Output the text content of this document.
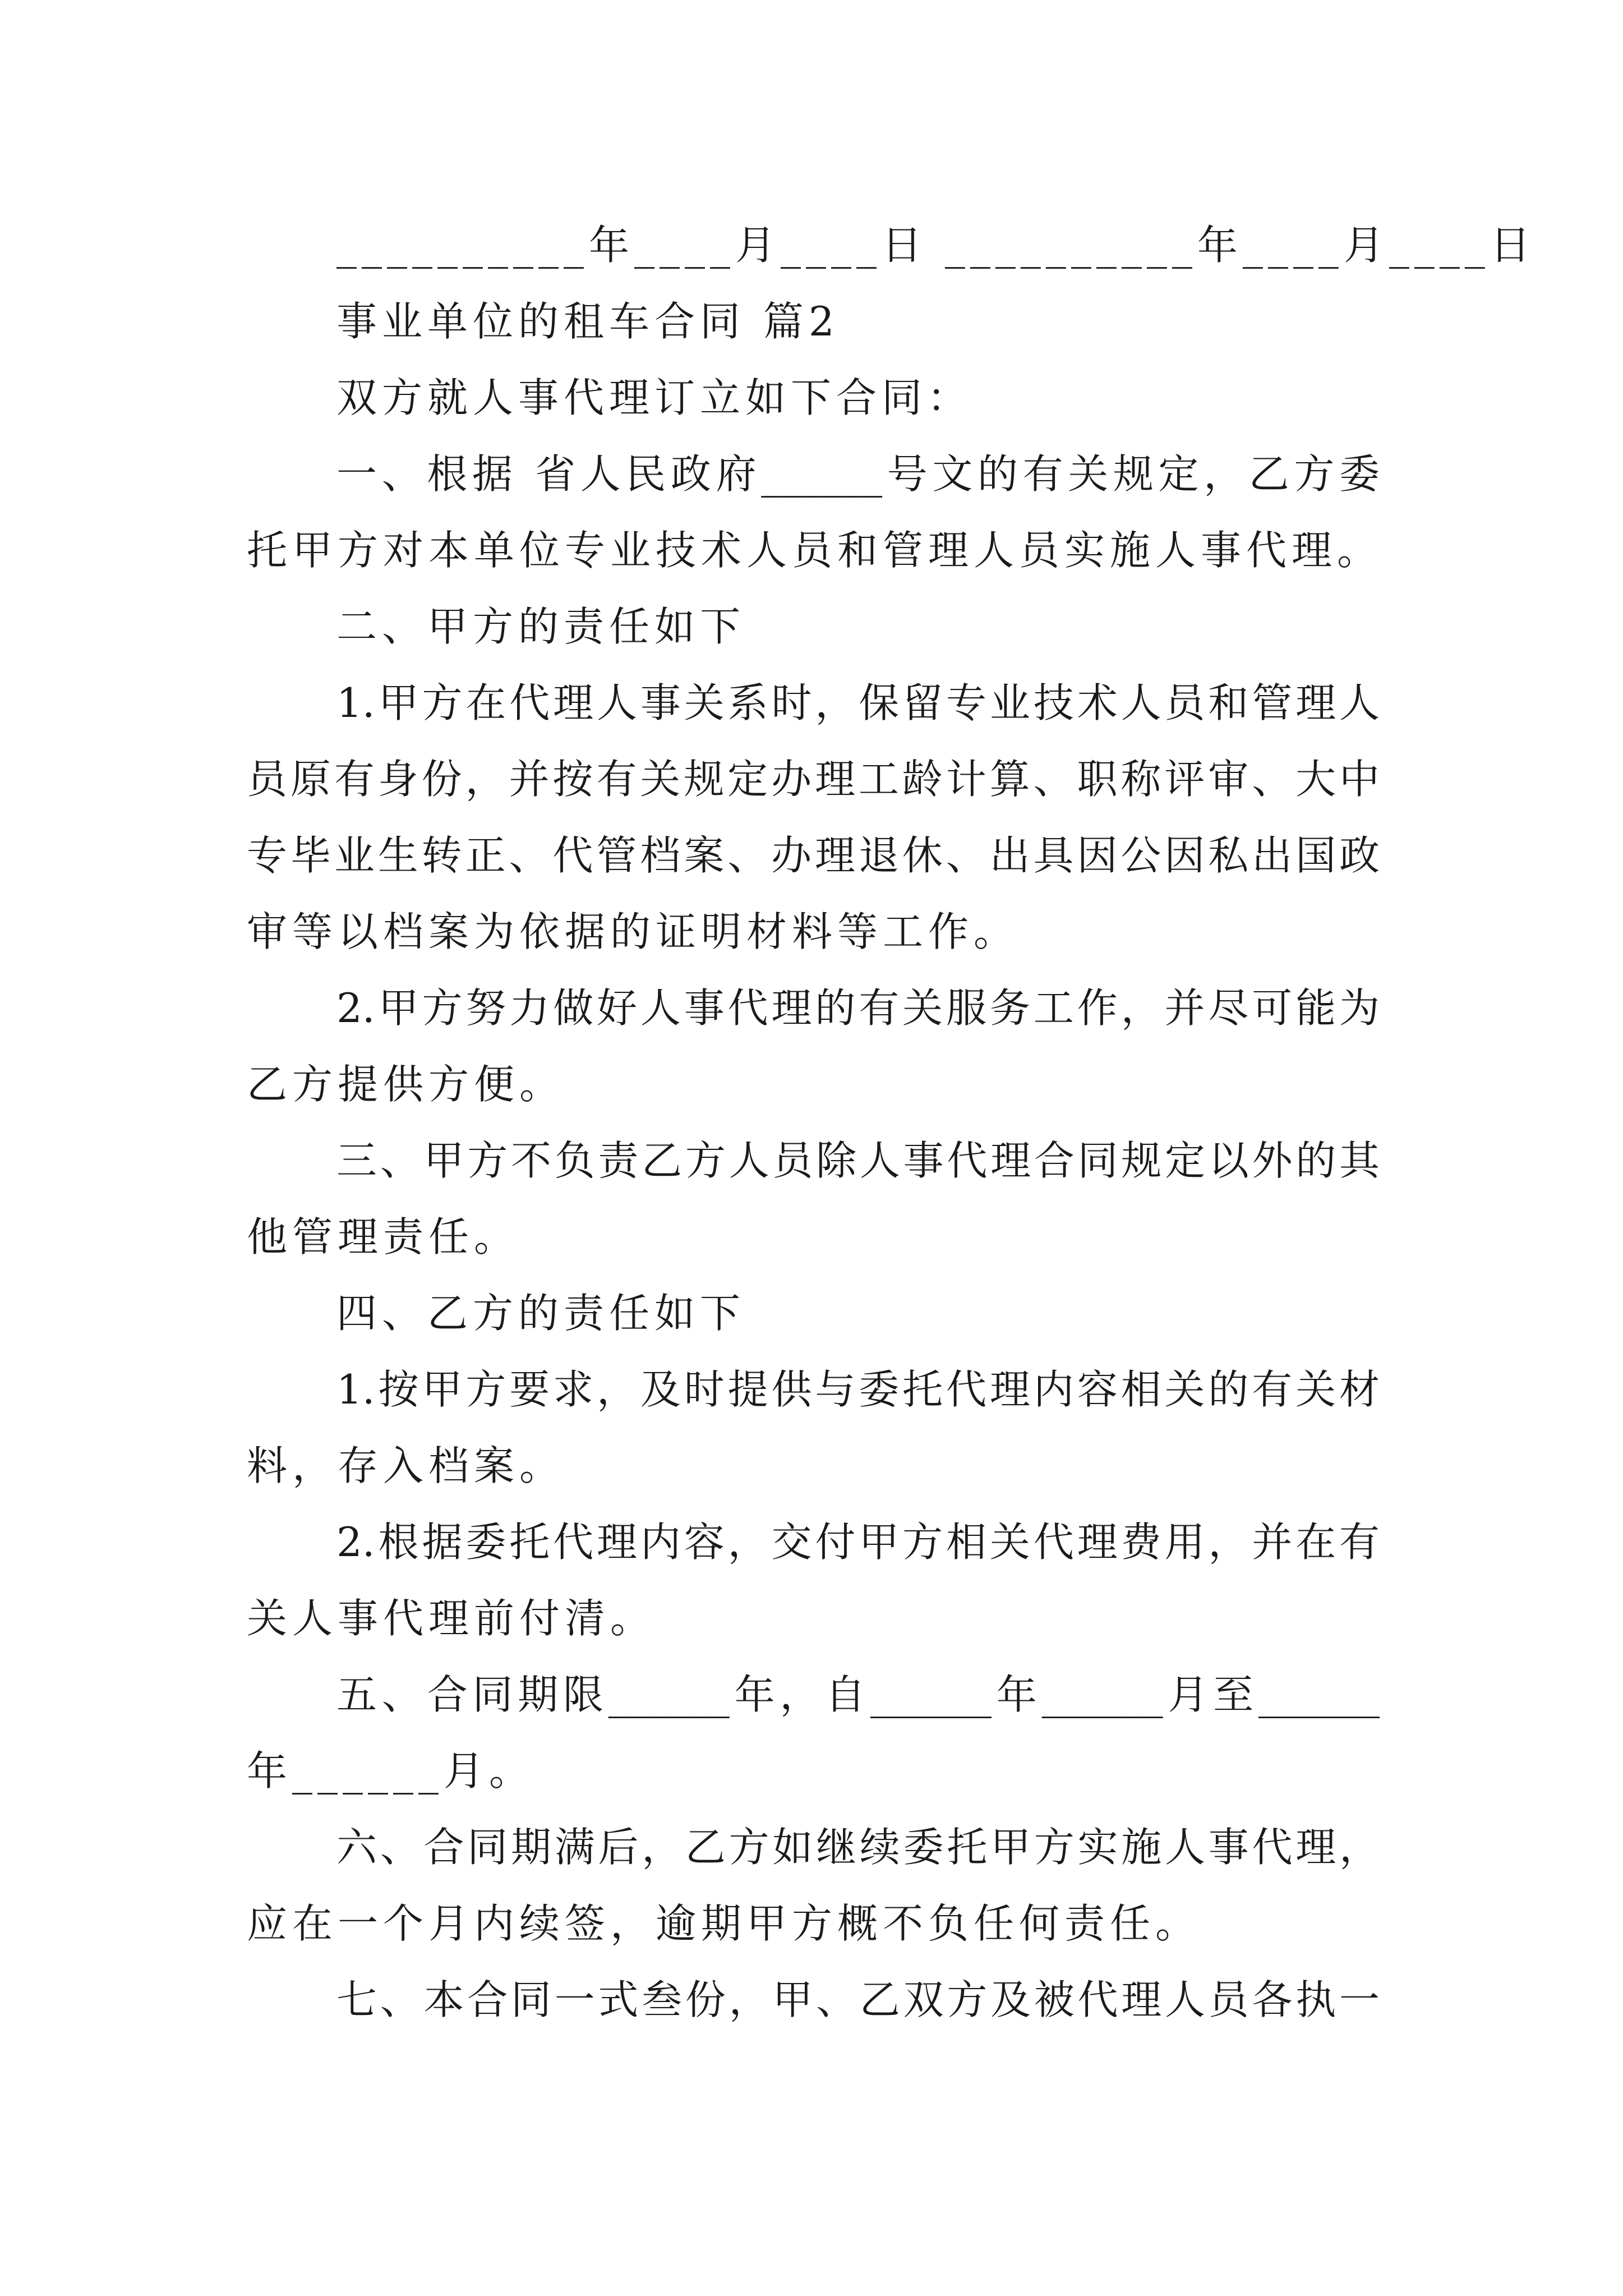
__________年____月____日 __________年____月____日
事业单位的租车合同 篇2
双方就人事代理订立如下合同：
一、根据 省人民政府______号文的有关规定，乙方委
托甲方对本单位专业技术人员和管理人员实施人事代理。
二、甲方的责任如下
1.甲方在代理人事关系时，保留专业技术人员和管理人
员原有身份，并按有关规定办理工龄计算、职称评审、大中
专毕业生转正、代管档案、办理退休、出具因公因私出国政
审等以档案为依据的证明材料等工作。
2.甲方努力做好人事代理的有关服务工作，并尽可能为
乙方提供方便。
三、甲方不负责乙方人员除人事代理合同规定以外的其
他管理责任。
四、乙方的责任如下
1.按甲方要求，及时提供与委托代理内容相关的有关材
料，存入档案。
2.根据委托代理内容，交付甲方相关代理费用，并在有
关人事代理前付清。
五、合同期限______年，自______年______月至______
年______月。
六、合同期满后，乙方如继续委托甲方实施人事代理，
应在一个月内续签，逾期甲方概不负任何责任。
七、本合同一式叁份，甲、乙双方及被代理人员各执一
